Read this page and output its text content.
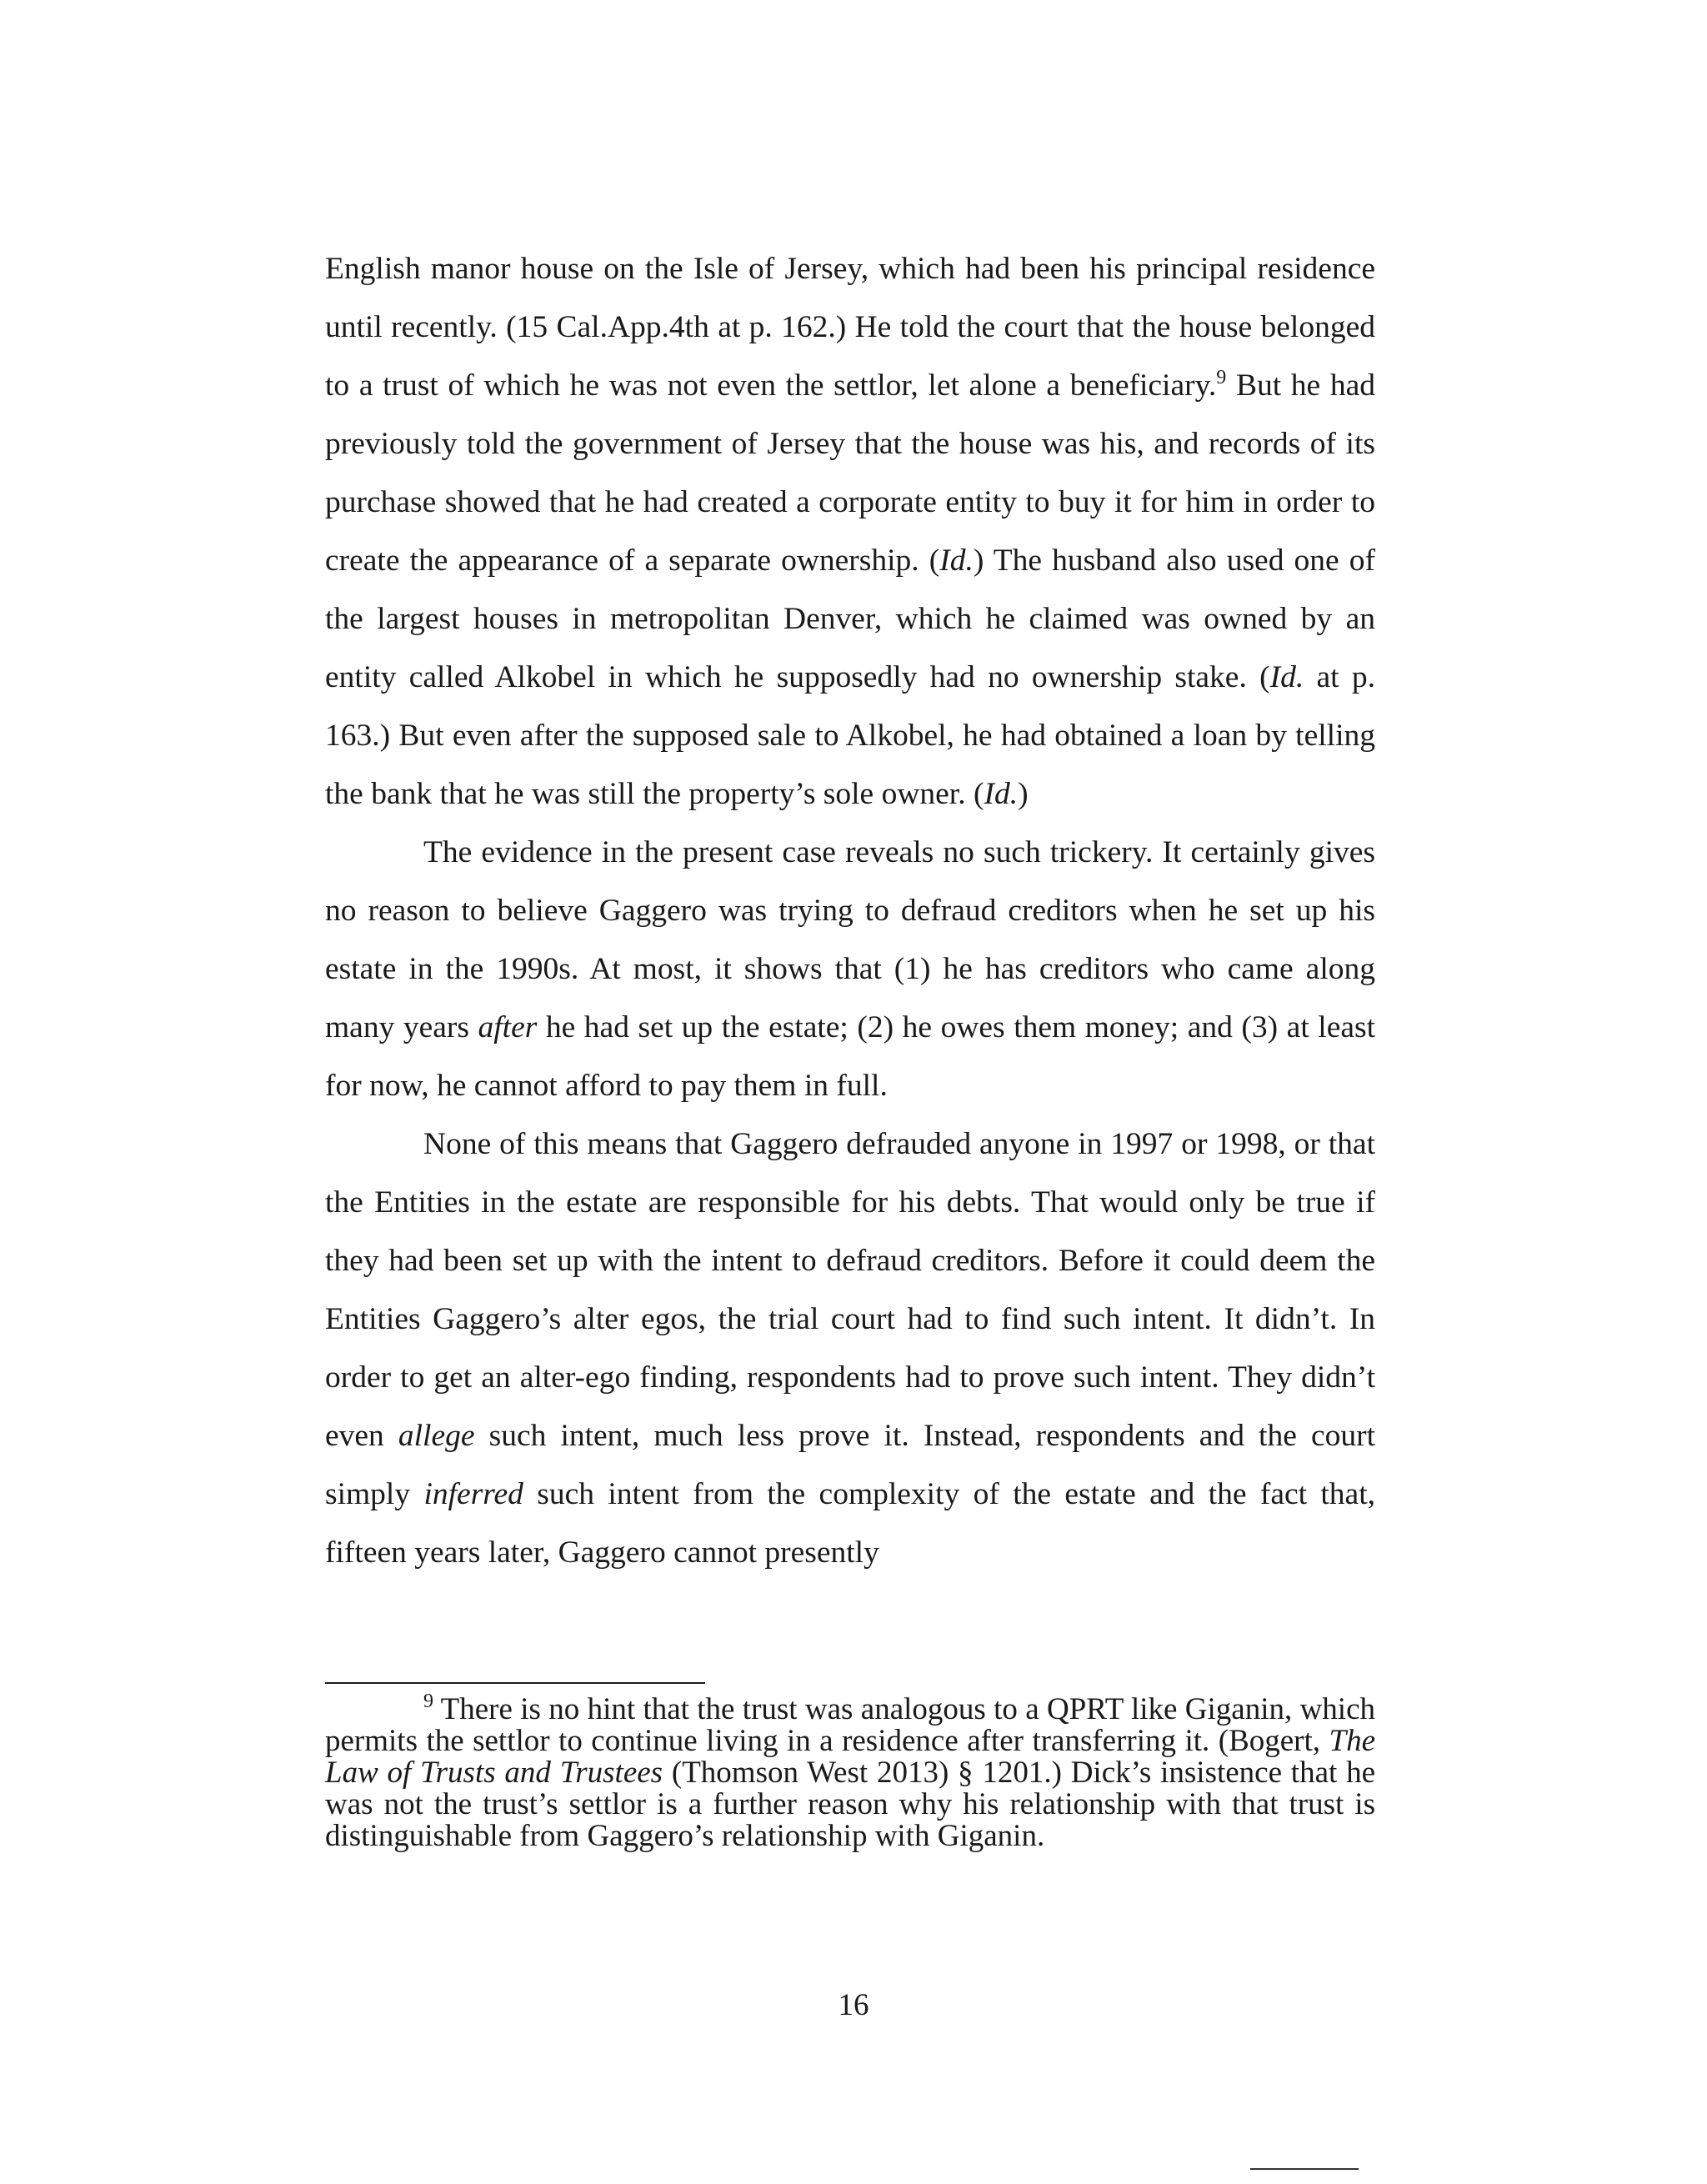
English manor house on the Isle of Jersey, which had been his principal residence until recently. (15 Cal.App.4th at p. 162.) He told the court that the house belonged to a trust of which he was not even the settlor, let alone a beneficiary.$^9$ But he had previously told the government of Jersey that the house was his, and records of its purchase showed that he had created a corporate entity to buy it for him in order to create the appearance of a separate ownership. (Id.) The husband also used one of the largest houses in metropolitan Denver, which he claimed was owned by an entity called Alkobel in which he supposedly had no ownership stake. (Id. at p. 163.) But even after the supposed sale to Alkobel, he had obtained a loan by telling the bank that he was still the property’s sole owner. (Id.)

The evidence in the present case reveals no such trickery. It certainly gives no reason to believe Gaggero was trying to defraud creditors when he set up his estate in the 1990s. At most, it shows that (1) he has creditors who came along many years after he had set up the estate; (2) he owes them money; and (3) at least for now, he cannot afford to pay them in full.

None of this means that Gaggero defrauded anyone in 1997 or 1998, or that the Entities in the estate are responsible for his debts. That would only be true if they had been set up with the intent to defraud creditors. Before it could deem the Entities Gaggero’s alter egos, the trial court had to find such intent. It didn’t. In order to get an alter-ego finding, respondents had to prove such intent. They didn’t even allege such intent, much less prove it. Instead, respondents and the court simply inferred such intent from the complexity of the estate and the fact that, fifteen years later, Gaggero cannot presently

$^9$ There is no hint that the trust was analogous to a QPRT like Giganin, which permits the settlor to continue living in a residence after transferring it. (Bogert, The Law of Trusts and Trustees (Thomson West 2013) § 1201.) Dick’s insistence that he was not the trust’s settlor is a further reason why his relationship with that trust is distinguishable from Gaggero’s relationship with Giganin.

16
